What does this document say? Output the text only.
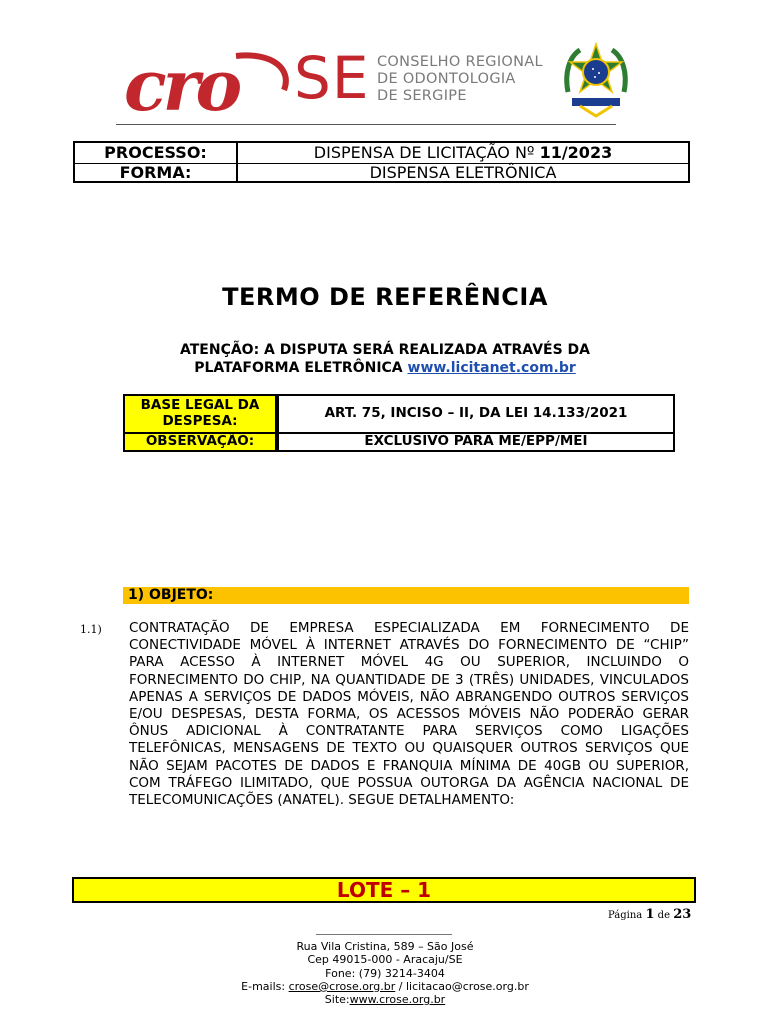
cro SE CONSELHO REGIONAL
DE ODONTOLOGIA
DE SERGIPE
PROCESSO:	DISPENSA DE LICITAÇÃO Nº 11/2023
FORMA:	DISPENSA ELETRÔNICA
TERMO DE REFERÊNCIA
ATENÇÃO: A DISPUTA SERÁ REALIZADA ATRAVÉS DA
PLATAFORMA ELETRÔNICA www.licitanet.com.br
BASE LEGAL DA
DESPESA:	ART. 75, INCISO – II, DA LEI 14.133/2021
OBSERVAÇÃO:	EXCLUSIVO PARA ME/EPP/MEI
1) OBJETO:
1.1) CONTRATAÇÃO DE EMPRESA ESPECIALIZADA EM FORNECIMENTO DE CONECTIVIDADE MÓVEL À INTERNET ATRAVÉS DO FORNECIMENTO DE “CHIP” PARA ACESSO À INTERNET MÓVEL 4G OU SUPERIOR, INCLUINDO O FORNECIMENTO DO CHIP, NA QUANTIDADE DE 3 (TRÊS) UNIDADES, VINCULADOS APENAS A SERVIÇOS DE DADOS MÓVEIS, NÃO ABRANGENDO OUTROS SERVIÇOS E/OU DESPESAS, DESTA FORMA, OS ACESSOS MÓVEIS NÃO PODERÃO GERAR ÔNUS ADICIONAL À CONTRATANTE PARA SERVIÇOS COMO LIGAÇÕES TELEFÔNICAS, MENSAGENS DE TEXTO OU QUAISQUER OUTROS SERVIÇOS QUE NÃO SEJAM PACOTES DE DADOS E FRANQUIA MÍNIMA DE 40GB OU SUPERIOR, COM TRÁFEGO ILIMITADO, QUE POSSUA OUTORGA DA AGÊNCIA NACIONAL DE TELECOMUNICAÇÕES (ANATEL). SEGUE DETALHAMENTO:
LOTE – 1
Página 1 de 23
Rua Vila Cristina, 589 – São José
Cep 49015-000 - Aracaju/SE
Fone: (79) 3214-3404
E-mails: crose@crose.org.br / licitacao@crose.org.br
Site:www.crose.org.br
